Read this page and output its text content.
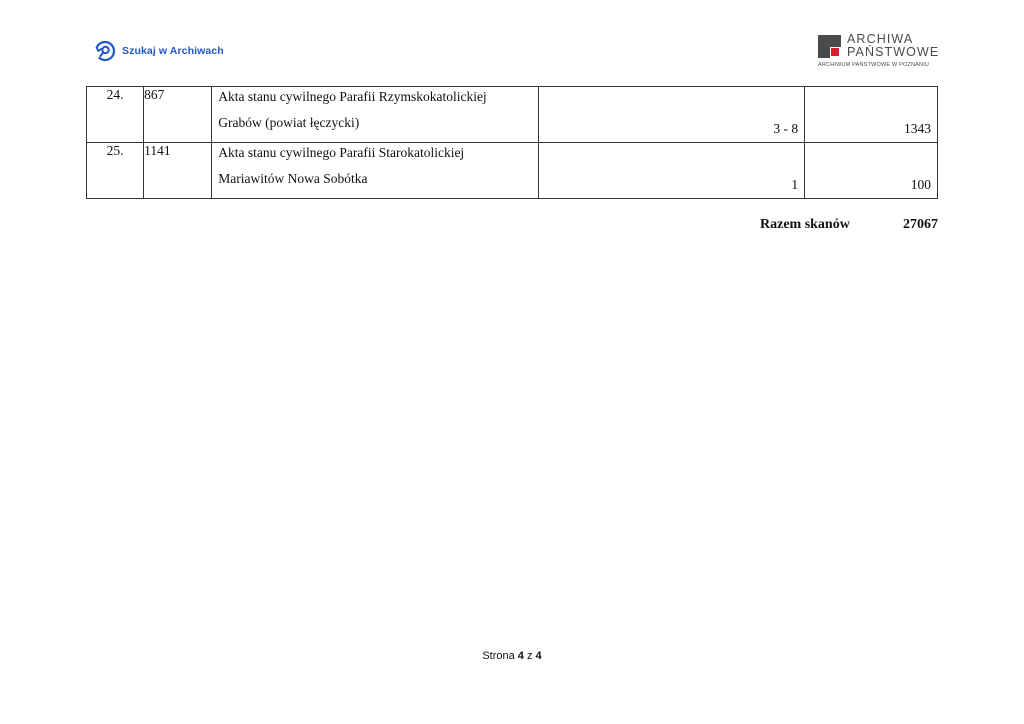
Szukaj w Archiwach
ARCHIWA
PAŃSTWOWE
ARCHIWUM PAŃSTWOWE W POZNANIU
24.	867	Akta stanu cywilnego Parafii Rzymskokatolickiej
Grabów (powiat łęczycki)	3 - 8	1343
25.	1141	Akta stanu cywilnego Parafii Starokatolickiej
Mariawitów Nowa Sobótka	1	100
Razem skanów	27067
Strona 4 z 4
